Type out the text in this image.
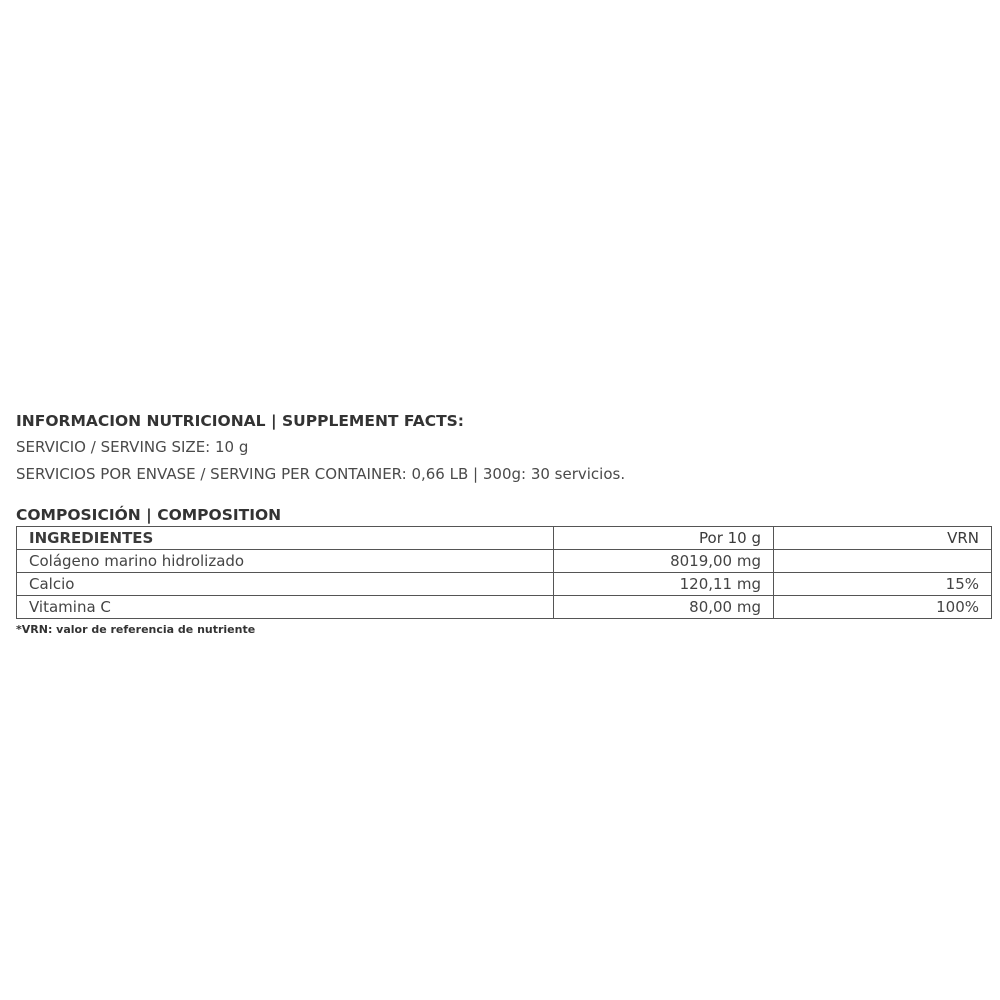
INFORMACION NUTRICIONAL | SUPPLEMENT FACTS:
SERVICIO / SERVING SIZE: 10 g
SERVICIOS POR ENVASE / SERVING PER CONTAINER: 0,66 LB | 300g: 30 servicios.
COMPOSICIÓN | COMPOSITION
INGREDIENTES	Por 10 g	VRN
Colágeno marino hidrolizado	8019,00 mg	
Calcio	120,11 mg	15%
Vitamina C	80,00 mg	100%
*VRN: valor de referencia de nutriente
